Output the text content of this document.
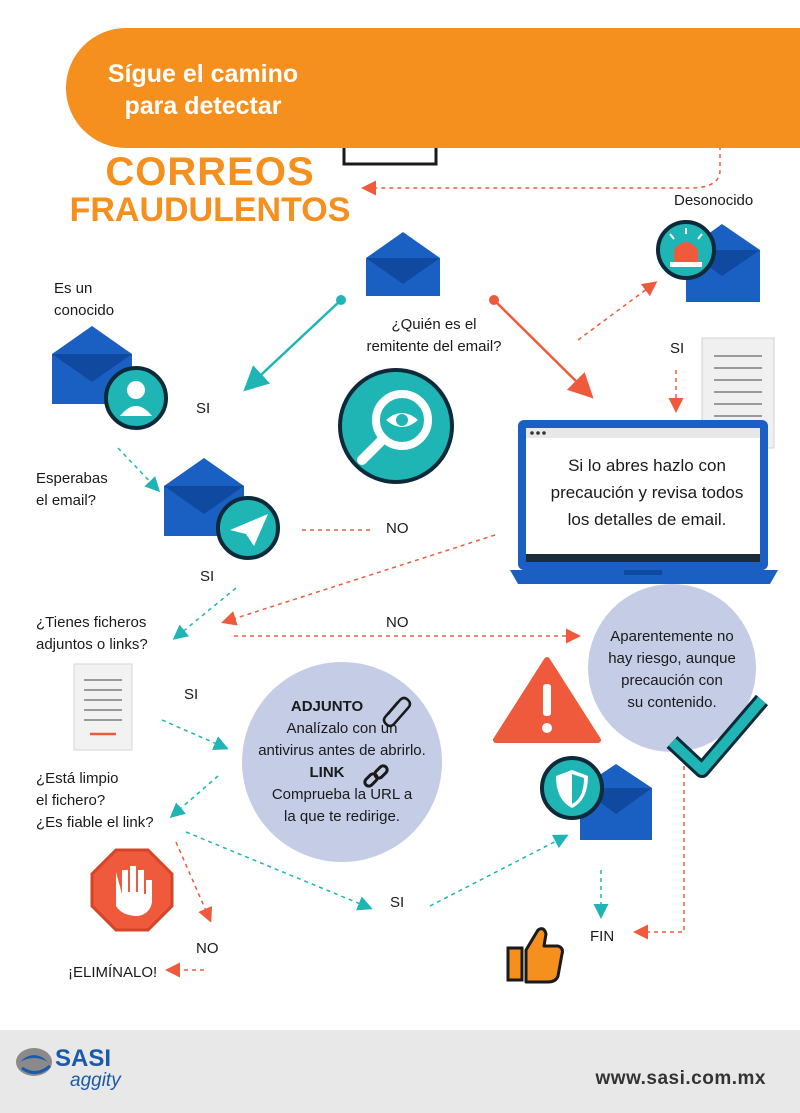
Sígue el camino
para detectar
CORREOS
FRAUDULENTOS
¿Quién es el
remitente del email?
Es un
conocido
Desonocido
SI
SI
Esperabas
el email?
NO
SI
Si lo abres hazlo con
precaución y revisa todos
los detalles de email.
¿Tienes ficheros
adjuntos o links?
NO
SI
Aparentemente no
hay riesgo, aunque
precaución con
su contenido.
ADJUNTO
Analízalo con un
antivirus antes de abrirlo.
LINK
Comprueba la URL a
la que te redirige.
¿Está limpio
el fichero?
¿Es fiable el link?
SI
NO
¡ELIMÍNALO!
FIN
SASI
aggity	www.sasi.com.mx
